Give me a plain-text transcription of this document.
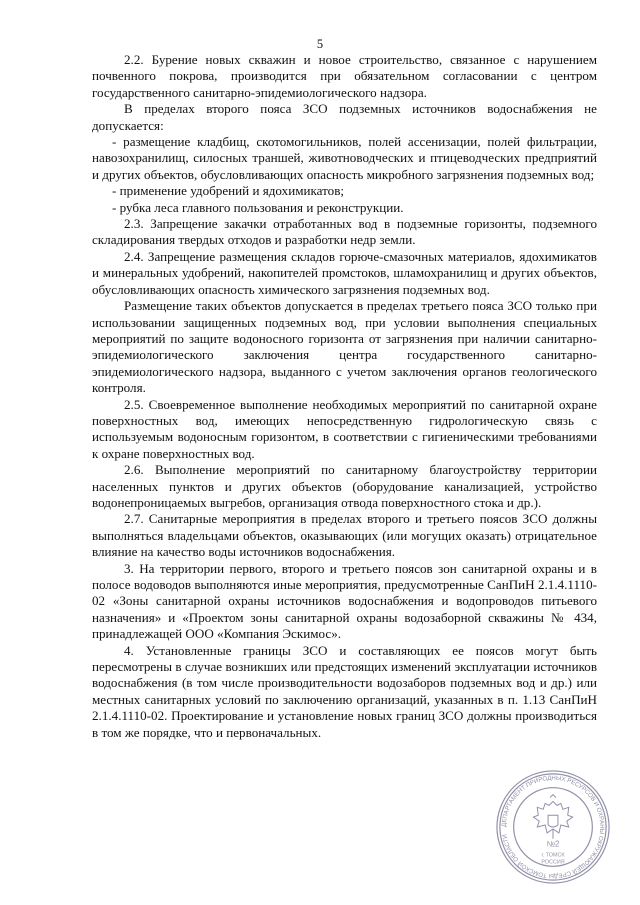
5

2.2. Бурение новых скважин и новое строительство, связанное с нарушением почвенного покрова, производится при обязательном согласовании с центром государственного санитарно-эпидемиологического надзора.

В пределах второго пояса ЗСО подземных источников водоснабжения не допускается:

- размещение кладбищ, скотомогильников, полей ассенизации, полей фильтрации, навозохранилищ, силосных траншей, животноводческих и птицеводческих предприятий и других объектов, обусловливающих опасность микробного загрязнения подземных вод;

- применение удобрений и ядохимикатов;

- рубка леса главного пользования и реконструкции.

2.3. Запрещение закачки отработанных вод в подземные горизонты, подземного складирования твердых отходов и разработки недр земли.

2.4. Запрещение размещения складов горюче-смазочных материалов, ядохимикатов и минеральных удобрений, накопителей промстоков, шламохранилищ и других объектов, обусловливающих опасность химического загрязнения подземных вод.

Размещение таких объектов допускается в пределах третьего пояса ЗСО только при использовании защищенных подземных вод, при условии выполнения специальных мероприятий по защите водоносного горизонта от загрязнения при наличии санитарно-эпидемиологического заключения центра государственного санитарно-эпидемиологического надзора, выданного с учетом заключения органов геологического контроля.

2.5. Своевременное выполнение необходимых мероприятий по санитарной охране поверхностных вод, имеющих непосредственную гидрологическую связь с используемым водоносным горизонтом, в соответствии с гигиеническими требованиями к охране поверхностных вод.

2.6. Выполнение мероприятий по санитарному благоустройству территории населенных пунктов и других объектов (оборудование канализацией, устройство водонепроницаемых выгребов, организация отвода поверхностного стока и др.).

2.7. Санитарные мероприятия в пределах второго и третьего поясов ЗСО должны выполняться владельцами объектов, оказывающих (или могущих оказать) отрицательное влияние на качество воды источников водоснабжения.

3. На территории первого, второго и третьего поясов зон санитарной охраны и в полосе водоводов выполняются иные мероприятия, предусмотренные СанПиН 2.1.4.1110-02 «Зоны санитарной охраны источников водоснабжения и водопроводов питьевого назначения» и «Проектом зоны санитарной охраны водозаборной скважины № 434, принадлежащей ООО «Компания Эскимос».

4. Установленные границы ЗСО и составляющих ее поясов могут быть пересмотрены в случае возникших или предстоящих изменений эксплуатации источников водоснабжения (в том числе производительности водозаборов подземных вод и др.) или местных санитарных условий по заключению организаций, указанных в п. 1.13 СанПиН 2.1.4.1110-02. Проектирование и установление новых границ ЗСО должны производиться в том же порядке, что и первоначальных.

ДЕПАРТАМЕНТ ПРИРОДНЫХ РЕСУРСОВ И ОХРАНЫ ОКРУЖАЮЩЕЙ СРЕДЫ ТОМСКОЙ ОБЛАСТИ
№2
г. ТОМСК
РОССИЯ
